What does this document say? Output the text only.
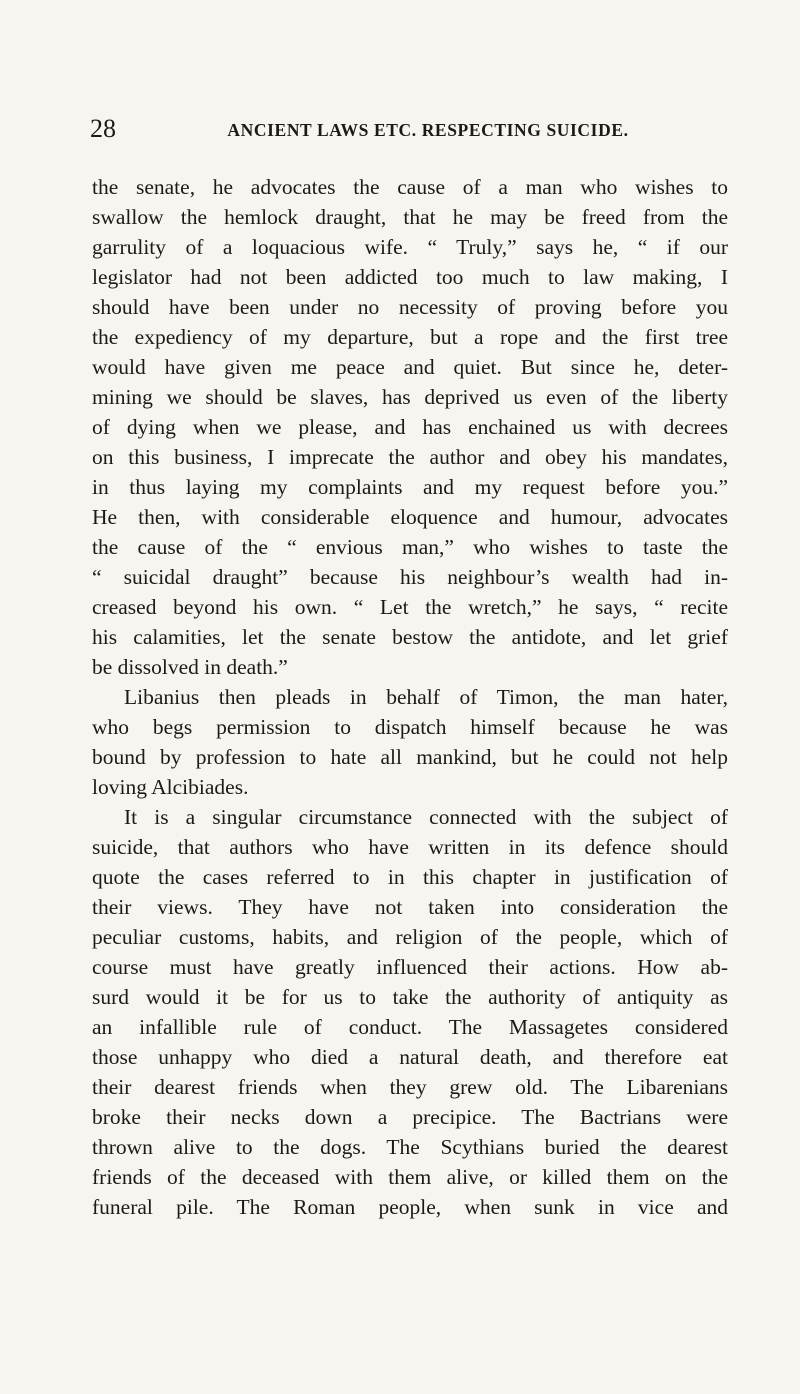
28	ANCIENT LAWS ETC. RESPECTING SUICIDE.
the senate, he advocates the cause of a man who wishes to
swallow the hemlock draught, that he may be freed from the
garrulity of a loquacious wife. “ Truly,” says he, “ if our
legislator had not been addicted too much to law making, I
should have been under no necessity of proving before you
the expediency of my departure, but a rope and the first tree
would have given me peace and quiet. But since he, deter-
mining we should be slaves, has deprived us even of the liberty
of dying when we please, and has enchained us with decrees
on this business, I imprecate the author and obey his mandates,
in thus laying my complaints and my request before you.”
He then, with considerable eloquence and humour, advocates
the cause of the “ envious man,” who wishes to taste the
“ suicidal draught” because his neighbour’s wealth had in-
creased beyond his own. “ Let the wretch,” he says, “ recite
his calamities, let the senate bestow the antidote, and let grief
be dissolved in death.”
Libanius then pleads in behalf of Timon, the man hater,
who begs permission to dispatch himself because he was
bound by profession to hate all mankind, but he could not help
loving Alcibiades.
It is a singular circumstance connected with the subject of
suicide, that authors who have written in its defence should
quote the cases referred to in this chapter in justification of
their views. They have not taken into consideration the
peculiar customs, habits, and religion of the people, which of
course must have greatly influenced their actions. How ab-
surd would it be for us to take the authority of antiquity as
an infallible rule of conduct. The Massagetes considered
those unhappy who died a natural death, and therefore eat
their dearest friends when they grew old. The Libarenians
broke their necks down a precipice. The Bactrians were
thrown alive to the dogs. The Scythians buried the dearest
friends of the deceased with them alive, or killed them on the
funeral pile. The Roman people, when sunk in vice and
